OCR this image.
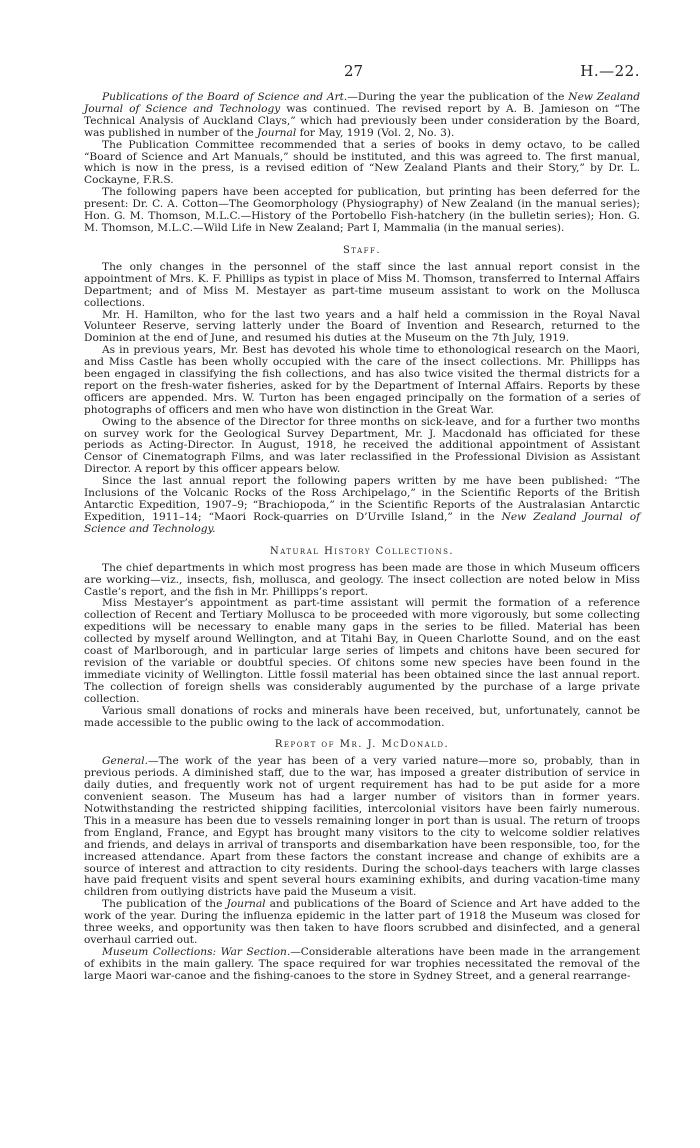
27	H.—22.

Publications of the Board of Science and Art.—During the year the publication of the New Zealand Journal of Science and Technology was continued. The revised report by A. B. Jamieson on “The Technical Analysis of Auckland Clays,” which had previously been under consideration by the Board, was published in number of the Journal for May, 1919 (Vol. 2, No. 3).

The Publication Committee recommended that a series of books in demy octavo, to be called “Board of Science and Art Manuals,” should be instituted, and this was agreed to. The first manual, which is now in the press, is a revised edition of “New Zealand Plants and their Story,” by Dr. L. Cockayne, F.R.S.

The following papers have been accepted for publication, but printing has been deferred for the present: Dr. C. A. Cotton—The Geomorphology (Physiography) of New Zealand (in the manual series); Hon. G. M. Thomson, M.L.C.—History of the Portobello Fish-hatchery (in the bulletin series); Hon. G. M. Thomson, M.L.C.—Wild Life in New Zealand; Part I, Mammalia (in the manual series).

Staff.

The only changes in the personnel of the staff since the last annual report consist in the appointment of Mrs. K. F. Phillips as typist in place of Miss M. Thomson, transferred to Internal Affairs Department; and of Miss M. Mestayer as part-time museum assistant to work on the Mollusca collections.

Mr. H. Hamilton, who for the last two years and a half held a commission in the Royal Naval Volunteer Reserve, serving latterly under the Board of Invention and Research, returned to the Dominion at the end of June, and resumed his duties at the Museum on the 7th July, 1919.

As in previous years, Mr. Best has devoted his whole time to ethonological research on the Maori, and Miss Castle has been wholly occupied with the care of the insect collections. Mr. Phillipps has been engaged in classifying the fish collections, and has also twice visited the thermal districts for a report on the fresh-water fisheries, asked for by the Department of Internal Affairs. Reports by these officers are appended. Mrs. W. Turton has been engaged principally on the formation of a series of photographs of officers and men who have won distinction in the Great War.

Owing to the absence of the Director for three months on sick-leave, and for a further two months on survey work for the Geological Survey Department, Mr. J. Macdonald has officiated for these periods as Acting-Director. In August, 1918, he received the additional appointment of Assistant Censor of Cinematograph Films, and was later reclassified in the Professional Division as Assistant Director. A report by this officer appears below.

Since the last annual report the following papers written by me have been published: “The Inclusions of the Volcanic Rocks of the Ross Archipelago,” in the Scientific Reports of the British Antarctic Expedition, 1907–9; “Brachiopoda,” in the Scientific Reports of the Australasian Antarctic Expedition, 1911–14; “Maori Rock-quarries on D’Urville Island,” in the New Zealand Journal of Science and Technology.

Natural History Collections.

The chief departments in which most progress has been made are those in which Museum officers are working—viz., insects, fish, mollusca, and geology. The insect collection are noted below in Miss Castle’s report, and the fish in Mr. Phillipps’s report.

Miss Mestayer’s appointment as part-time assistant will permit the formation of a reference collection of Recent and Tertiary Mollusca to be proceeded with more vigorously, but some collecting expeditions will be necessary to enable many gaps in the series to be filled. Material has been collected by myself around Wellington, and at Titahi Bay, in Queen Charlotte Sound, and on the east coast of Marlborough, and in particular large series of limpets and chitons have been secured for revision of the variable or doubtful species. Of chitons some new species have been found in the immediate vicinity of Wellington. Little fossil material has been obtained since the last annual report. The collection of foreign shells was considerably augumented by the purchase of a large private collection.

Various small donations of rocks and minerals have been received, but, unfortunately, cannot be made accessible to the public owing to the lack of accommodation.

Report of Mr. J. McDonald.

General.—The work of the year has been of a very varied nature—more so, probably, than in previous periods. A diminished staff, due to the war, has imposed a greater distribution of service in daily duties, and frequently work not of urgent requirement has had to be put aside for a more convenient season. The Museum has had a larger number of visitors than in former years. Notwithstanding the restricted shipping facilities, intercolonial visitors have been fairly numerous. This in a measure has been due to vessels remaining longer in port than is usual. The return of troops from England, France, and Egypt has brought many visitors to the city to welcome soldier relatives and friends, and delays in arrival of transports and disembarkation have been responsible, too, for the increased attendance. Apart from these factors the constant increase and change of exhibits are a source of interest and attraction to city residents. During the school-days teachers with large classes have paid frequent visits and spent several hours examining exhibits, and during vacation-time many children from outlying districts have paid the Museum a visit.

The publication of the Journal and publications of the Board of Science and Art have added to the work of the year. During the influenza epidemic in the latter part of 1918 the Museum was closed for three weeks, and opportunity was then taken to have floors scrubbed and disinfected, and a general overhaul carried out.

Museum Collections: War Section.—Considerable alterations have been made in the arrangement of exhibits in the main gallery. The space required for war trophies necessitated the removal of the large Maori war-canoe and the fishing-canoes to the store in Sydney Street, and a general rearrange-
